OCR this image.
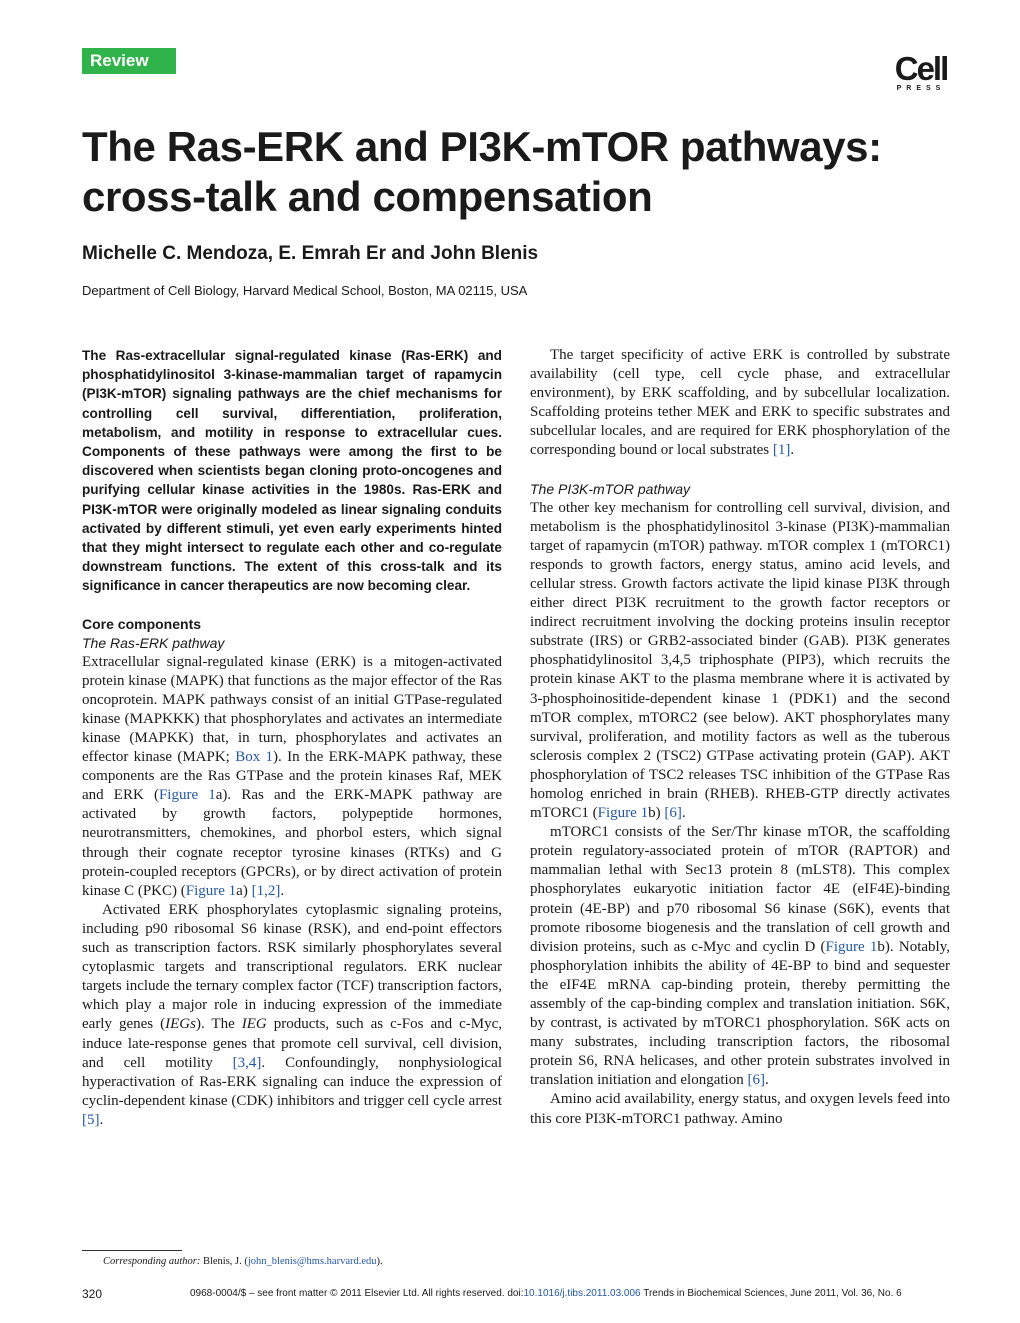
Review	Cell
PRESS
The Ras-ERK and PI3K-mTOR pathways: cross-talk and compensation

Michelle C. Mendoza, E. Emrah Er and John Blenis

Department of Cell Biology, Harvard Medical School, Boston, MA 02115, USA

The Ras-extracellular signal-regulated kinase (Ras-ERK) and phosphatidylinositol 3-kinase-mammalian target of rapamycin (PI3K-mTOR) signaling pathways are the chief mechanisms for controlling cell survival, differentiation, proliferation, metabolism, and motility in response to extracellular cues. Components of these pathways were among the first to be discovered when scientists began cloning proto-oncogenes and purifying cellular kinase activities in the 1980s. Ras-ERK and PI3K-mTOR were originally modeled as linear signaling conduits activated by different stimuli, yet even early experiments hinted that they might intersect to regulate each other and co-regulate downstream functions. The extent of this cross-talk and its significance in cancer therapeutics are now becoming clear.

Core components

The Ras-ERK pathway

Extracellular signal-regulated kinase (ERK) is a mitogen-activated protein kinase (MAPK) that functions as the major effector of the Ras oncoprotein. MAPK pathways consist of an initial GTPase-regulated kinase (MAPKKK) that phosphorylates and activates an intermediate kinase (MAPKK) that, in turn, phosphorylates and activates an effector kinase (MAPK; Box 1). In the ERK-MAPK pathway, these components are the Ras GTPase and the protein kinases Raf, MEK and ERK (Figure 1a). Ras and the ERK-MAPK pathway are activated by growth factors, polypeptide hormones, neurotransmitters, chemokines, and phorbol esters, which signal through their cognate receptor tyrosine kinases (RTKs) and G protein-coupled receptors (GPCRs), or by direct activation of protein kinase C (PKC) (Figure 1a) [1,2].

Activated ERK phosphorylates cytoplasmic signaling proteins, including p90 ribosomal S6 kinase (RSK), and end-point effectors such as transcription factors. RSK similarly phosphorylates several cytoplasmic targets and transcriptional regulators. ERK nuclear targets include the ternary complex factor (TCF) transcription factors, which play a major role in inducing expression of the immediate early genes (IEGs). The IEG products, such as c-Fos and c-Myc, induce late-response genes that promote cell survival, cell division, and cell motility [3,4]. Confoundingly, nonphysiological hyperactivation of Ras-ERK signaling can induce the expression of cyclin-dependent kinase (CDK) inhibitors and trigger cell cycle arrest [5].

The target specificity of active ERK is controlled by substrate availability (cell type, cell cycle phase, and extracellular environment), by ERK scaffolding, and by subcellular localization. Scaffolding proteins tether MEK and ERK to specific substrates and subcellular locales, and are required for ERK phosphorylation of the corresponding bound or local substrates [1].

The PI3K-mTOR pathway

The other key mechanism for controlling cell survival, division, and metabolism is the phosphatidylinositol 3-kinase (PI3K)-mammalian target of rapamycin (mTOR) pathway. mTOR complex 1 (mTORC1) responds to growth factors, energy status, amino acid levels, and cellular stress. Growth factors activate the lipid kinase PI3K through either direct PI3K recruitment to the growth factor receptors or indirect recruitment involving the docking proteins insulin receptor substrate (IRS) or GRB2-associated binder (GAB). PI3K generates phosphatidylinositol 3,4,5 triphosphate (PIP3), which recruits the protein kinase AKT to the plasma membrane where it is activated by 3-phosphoinositide-dependent kinase 1 (PDK1) and the second mTOR complex, mTORC2 (see below). AKT phosphorylates many survival, proliferation, and motility factors as well as the tuberous sclerosis complex 2 (TSC2) GTPase activating protein (GAP). AKT phosphorylation of TSC2 releases TSC inhibition of the GTPase Ras homolog enriched in brain (RHEB). RHEB-GTP directly activates mTORC1 (Figure 1b) [6].

mTORC1 consists of the Ser/Thr kinase mTOR, the scaffolding protein regulatory-associated protein of mTOR (RAPTOR) and mammalian lethal with Sec13 protein 8 (mLST8). This complex phosphorylates eukaryotic initiation factor 4E (eIF4E)-binding protein (4E-BP) and p70 ribosomal S6 kinase (S6K), events that promote ribosome biogenesis and the translation of cell growth and division proteins, such as c-Myc and cyclin D (Figure 1b). Notably, phosphorylation inhibits the ability of 4E-BP to bind and sequester the eIF4E mRNA cap-binding protein, thereby permitting the assembly of the cap-binding complex and translation initiation. S6K, by contrast, is activated by mTORC1 phosphorylation. S6K acts on many substrates, including transcription factors, the ribosomal protein S6, RNA helicases, and other protein substrates involved in translation initiation and elongation [6].

Amino acid availability, energy status, and oxygen levels feed into this core PI3K-mTORC1 pathway. Amino

Corresponding author: Blenis, J. (john_blenis@hms.harvard.edu).
320	0968-0004/$ – see front matter © 2011 Elsevier Ltd. All rights reserved. doi:10.1016/j.tibs.2011.03.006 Trends in Biochemical Sciences, June 2011, Vol. 36, No. 6
